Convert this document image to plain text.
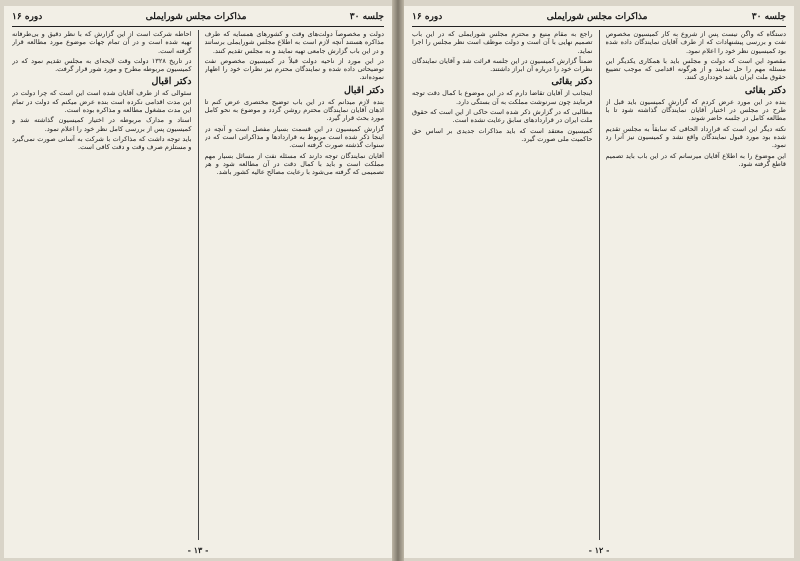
جلسه ۳۰
مذاکرات مجلس شورایملی
دوره ۱۶

دولت و مخصوصاً دولت‌های وقت و کشورهای همسایه که طرف مذاکره هستند آنچه لازم است به اطلاع مجلس شورایملی برسانند و در این باب گزارش جامعی تهیه نمایند و به مجلس تقدیم کنند.

در این مورد از ناحیه دولت قبلاً در کمیسیون مخصوص نفت توضیحاتی داده شده و نمایندگان محترم نیز نظرات خود را اظهار نموده‌اند.

دکتر اقبال

بنده لازم میدانم که در این باب توضیح مختصری عرض کنم تا اذهان آقایان نمایندگان محترم روشن گردد و موضوع به نحو کامل مورد بحث قرار گیرد.

گزارش کمیسیون در این قسمت بسیار مفصل است و آنچه در اینجا ذکر شده است مربوط به قراردادها و مذاکراتی است که در سنوات گذشته صورت گرفته است.

آقایان نمایندگان توجه دارند که مسئله نفت از مسائل بسیار مهم مملکت است و باید با کمال دقت در آن مطالعه شود و هر تصمیمی که گرفته می‌شود با رعایت مصالح عالیه کشور باشد.

احاطه شرکت است از این گزارش که با نظر دقیق و بی‌طرفانه تهیه شده است و در آن تمام جهات موضوع مورد مطالعه قرار گرفته است.

در تاریخ ۱۳۲۸ دولت وقت لایحه‌ای به مجلس تقدیم نمود که در کمیسیون مربوطه مطرح و مورد شور قرار گرفت.

دکتر اقبال

سئوالی که از طرف آقایان شده است این است که چرا دولت در این مدت اقدامی نکرده است بنده عرض میکنم که دولت در تمام این مدت مشغول مطالعه و مذاکره بوده است.

اسناد و مدارک مربوطه در اختیار کمیسیون گذاشته شد و کمیسیون پس از بررسی کامل نظر خود را اعلام نمود.

باید توجه داشت که مذاکرات با شرکت به آسانی صورت نمی‌گیرد و مستلزم صرف وقت و دقت کافی است.

- ۱۳ -
جلسه ۳۰
مذاکرات مجلس شورایملی
دوره ۱۶

دستگاه که واگن نیست پس از شروع به کار کمیسیون مخصوص نفت و بررسی پیشنهادات که از طرف آقایان نمایندگان داده شده بود کمیسیون نظر خود را اعلام نمود.

مقصود این است که دولت و مجلس باید با همکاری یکدیگر این مسئله مهم را حل نمایند و از هرگونه اقدامی که موجب تضییع حقوق ملت ایران باشد خودداری کنند.

دکتر بقائی

بنده در این مورد عرض کردم که گزارش کمیسیون باید قبل از طرح در مجلس در اختیار آقایان نمایندگان گذاشته شود تا با مطالعه کامل در جلسه حاضر شوند.

نکته دیگر این است که قرارداد الحاقی که سابقاً به مجلس تقدیم شده بود مورد قبول نمایندگان واقع نشد و کمیسیون نیز آنرا رد نمود.

این موضوع را به اطلاع آقایان میرسانم که در این باب باید تصمیم قاطع گرفته شود.

راجع به مقام منیع و محترم مجلس شورایملی که در این باب تصمیم نهایی با آن است و دولت موظف است نظر مجلس را اجرا نماید.

ضمناً گزارش کمیسیون در این جلسه قرائت شد و آقایان نمایندگان نظرات خود را درباره آن ابراز داشتند.

دکتر بقائی

اینجانب از آقایان تقاضا دارم که در این موضوع با کمال دقت توجه فرمایند چون سرنوشت مملکت به آن بستگی دارد.

مطالبی که در گزارش ذکر شده است حاکی از این است که حقوق ملت ایران در قراردادهای سابق رعایت نشده است.

کمیسیون معتقد است که باید مذاکرات جدیدی بر اساس حق حاکمیت ملی صورت گیرد.

- ۱۲ -
